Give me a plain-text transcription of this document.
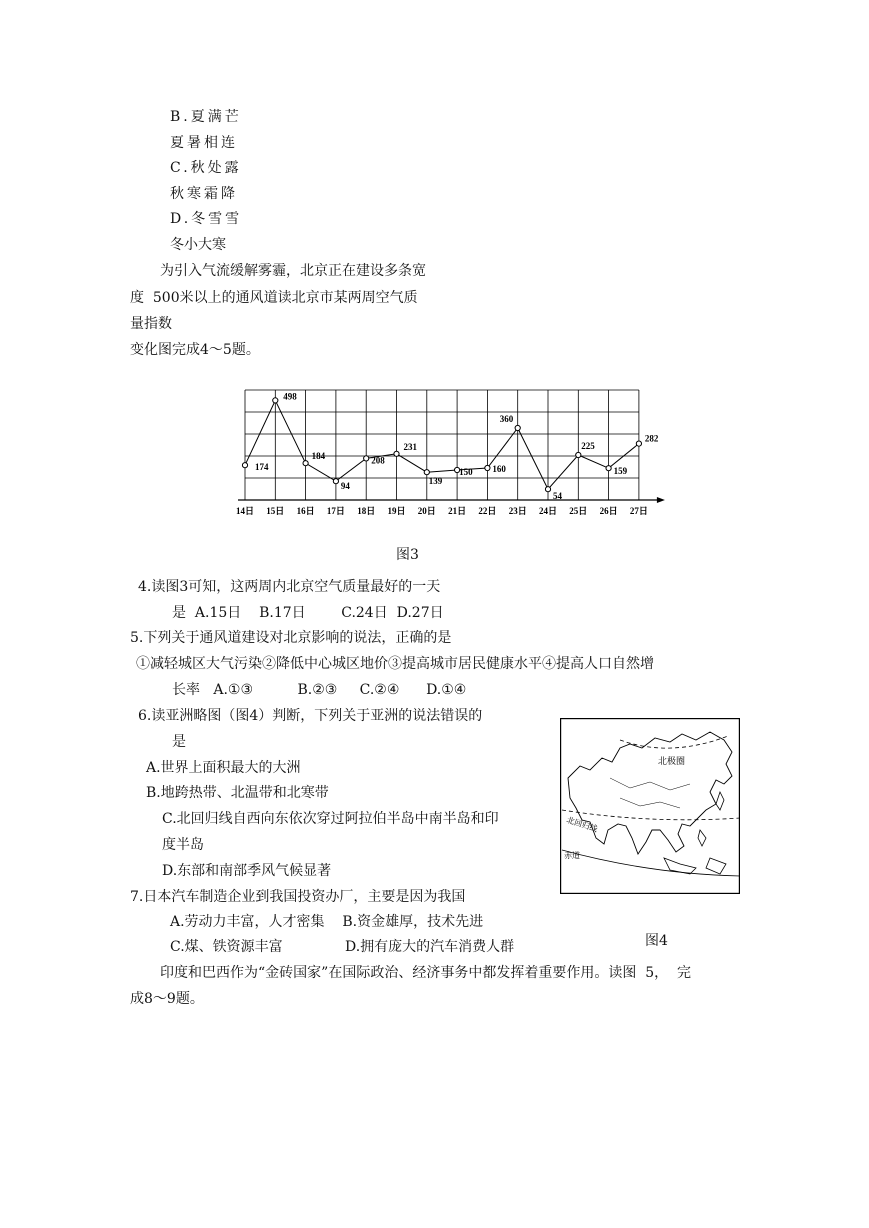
B.夏满芒
夏暑相连
C.秋处露
秋寒霜降
D.冬雪雪
冬小大寒
为引入气流缓解雾霾，北京正在建设多条宽
度  500米以上的通风道读北京市某两周空气质
量指数
变化图完成4～5题。
174
498
184
94
208
231
139
150 160
360
54
225
159
282
14日 15日 16日 17日 18日 19日 20日 21日 22日 23日 24日 25日 26日 27日
图3
4.读图3可知，这两周内北京空气质量最好的一天
是  A.15日    B.17日        C.24日  D.27日
5.下列关于通风道建设对北京影响的说法，正确的是
①减轻城区大气污染②降低中心城区地价③提高城市居民健康水平④提高人口自然增
长率   A.①③          B.②③     C.②④      D.①④
6.读亚洲略图（图4）判断，下列关于亚洲的说法错误的
是
A.世界上面积最大的大洲
B.地跨热带、北温带和北寒带
C.北回归线自西向东依次穿过阿拉伯半岛中南半岛和印
度半岛
D.东部和南部季风气候显著
北极圈
北回归线
赤道
图4
7.日本汽车制造企业到我国投资办厂，主要是因为我国
A.劳动力丰富，人才密集    B.资金雄厚，技术先进
C.煤、铁资源丰富              D.拥有庞大的汽车消费人群
印度和巴西作为“金砖国家”在国际政治、经济事务中都发挥着重要作用。读图  5，  完
成8～9题。
